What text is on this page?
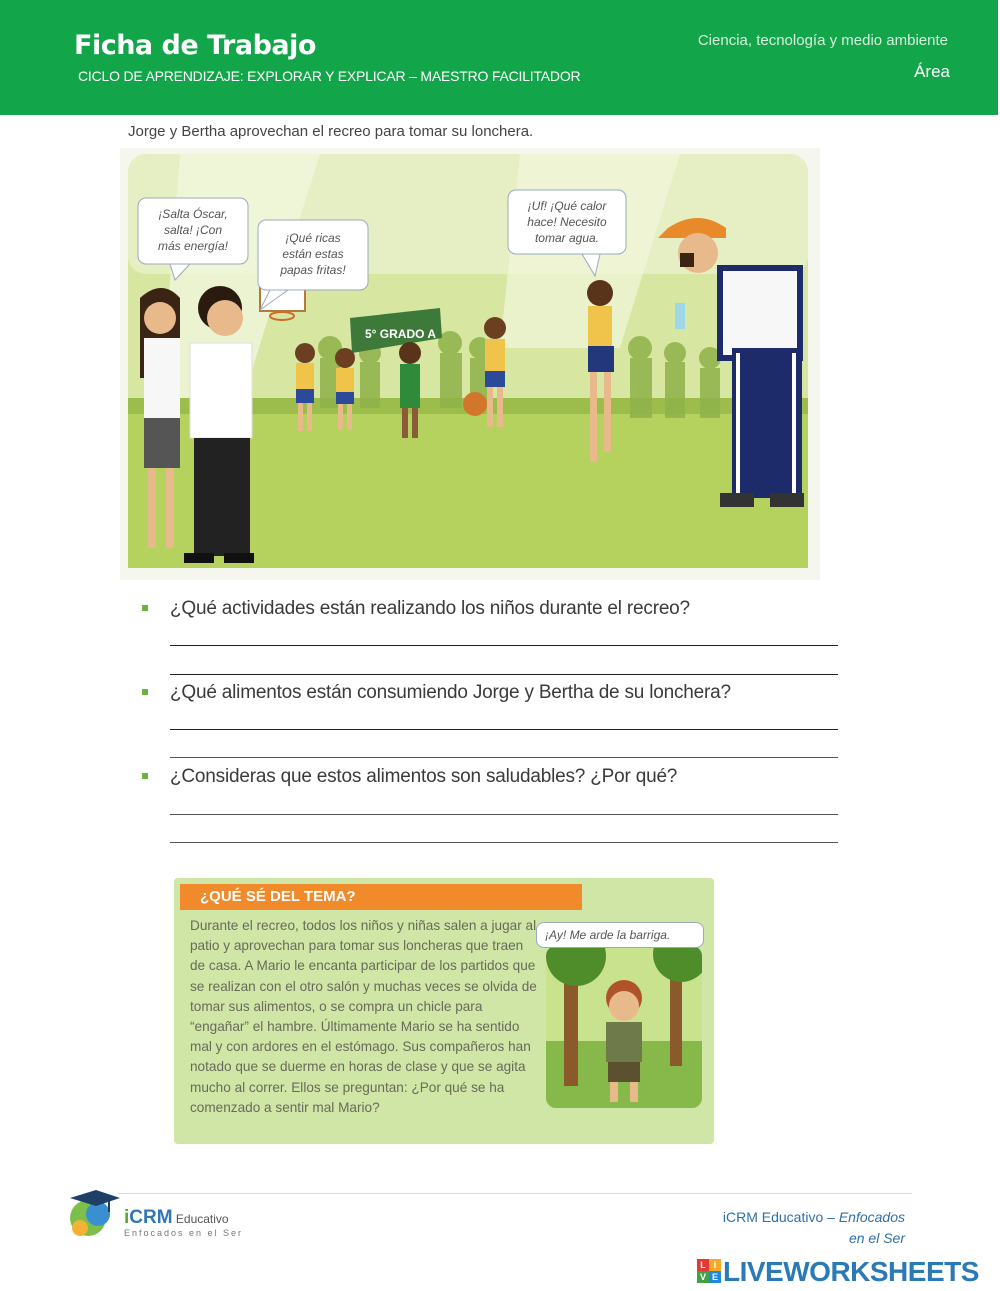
Ficha de Trabajo
CICLO DE APRENDIZAJE: EXPLORAR Y EXPLICAR – MAESTRO FACILITADOR
Ciencia, tecnología y medio ambiente
Área
Jorge y Bertha aprovechan el recreo para tomar su lonchera.
5° GRADO A
¡Salta Óscar,
salta! ¡Con
más energía!
¡Qué ricas
están estas
papas fritas!
¡Uf! ¡Qué calor
hace! Necesito
tomar agua.
¿Qué actividades están realizando los niños durante el recreo?
¿Qué alimentos están consumiendo Jorge y Bertha de su lonchera?
¿Consideras que estos alimentos son saludables? ¿Por qué?
¿QUÉ SÉ DEL TEMA?
Durante el recreo, todos los niños y niñas salen a jugar al patio y aprovechan para tomar sus loncheras que traen de casa. A Mario le encanta participar de los partidos que se realizan con el otro salón y muchas veces se olvida de tomar sus alimentos, o se compra un chicle para “engañar” el hambre. Últimamente Mario se ha sentido mal y con ardores en el estómago. Sus compañeros han notado que se duerme en horas de clase y que se agita mucho al correr. Ellos se preguntan: ¿Por qué se ha comenzado a sentir mal Mario?
¡Ay! Me arde la barriga.
iCRM Educativo
Enfocados en el Ser
iCRM Educativo – Enfocados
en el Ser
L I
V E LIVEWORKSHEETS
